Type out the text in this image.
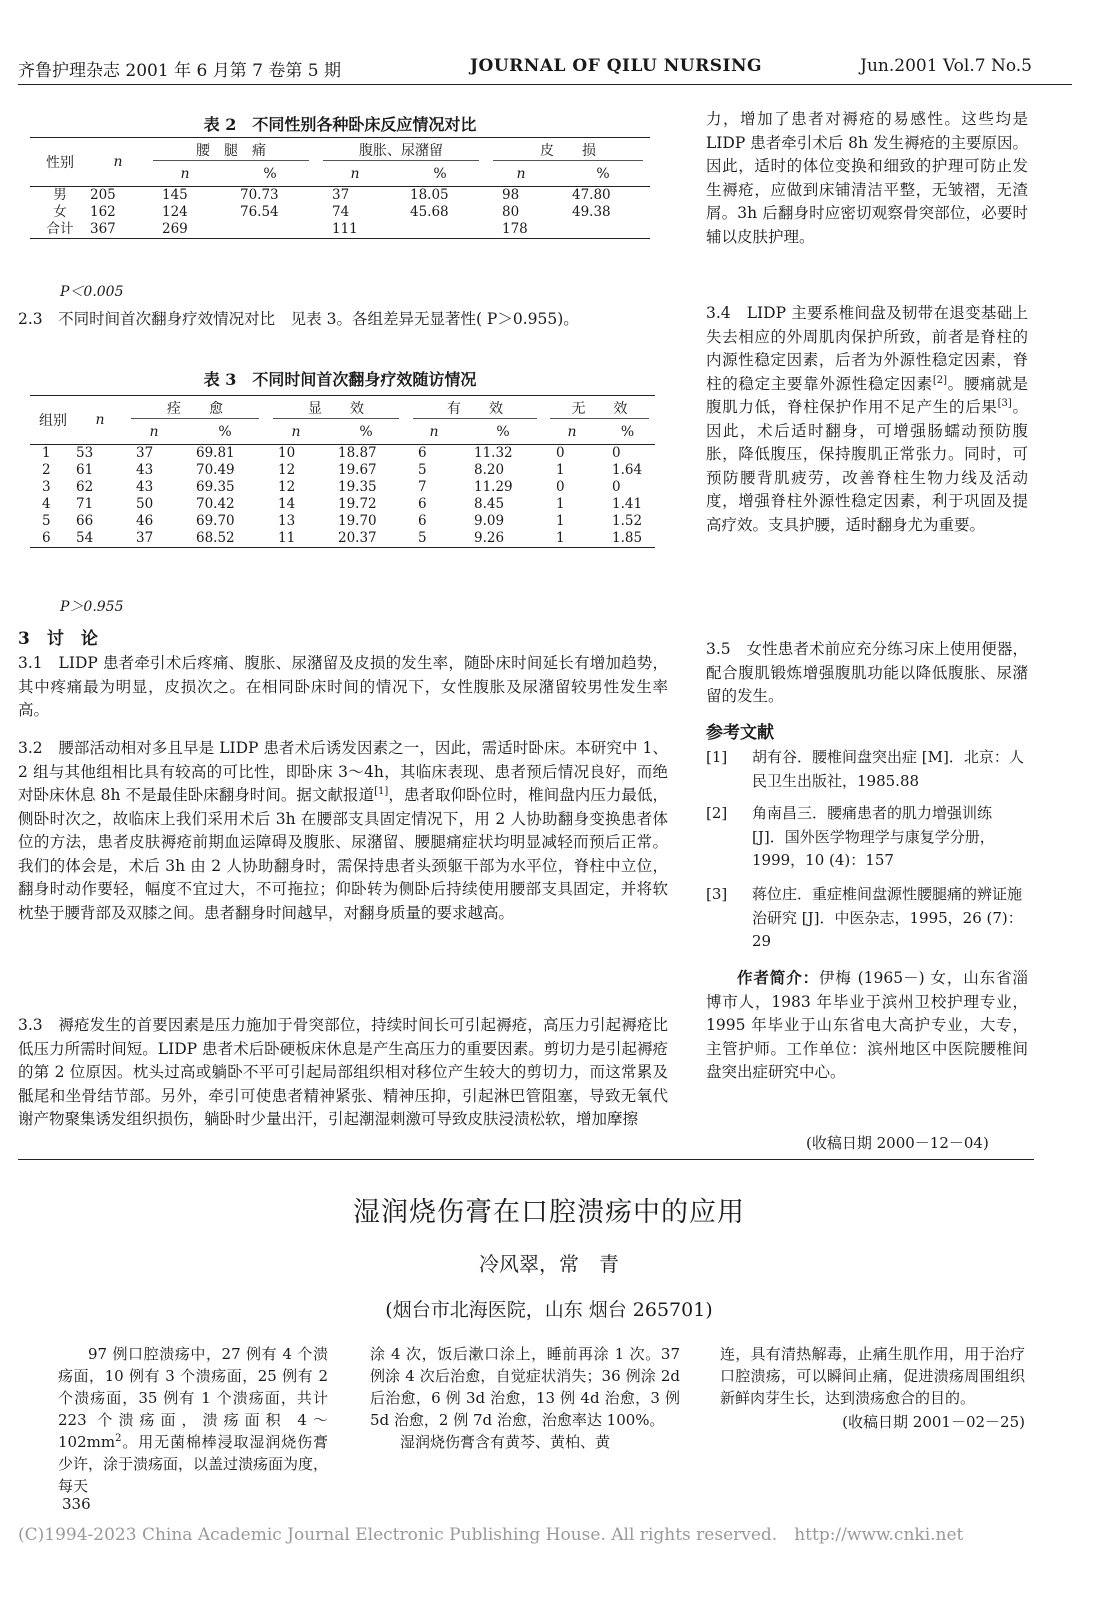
齐鲁护理杂志 2001 年 6 月第 7 卷第 5 期	JOURNAL OF QILU NURSING	Jun.2001 Vol.7 No.5
表 2　不同性别各种卧床反应情况对比
性别	n	腰　腿　痛		腹胀、尿潴留		皮　　损	
		n	%	n	%	n	%
男	205	145	70.73	37	18.05	98	47.80
女	162	124	76.54	74	45.68	80	49.38
合计	367	269		111		178	
P＜0.005
2.3　不同时间首次翻身疗效情况对比　见表 3。各组差异无显著性( P＞0.955)。
表 3　不同时间首次翻身疗效随访情况
组别	n	痊　　愈		显　　效		有　　效		无　　效	
		n	%	n	%	n	%	n	%
1	53	37	69.81	10	18.87	6	11.32	0	0
2	61	43	70.49	12	19.67	5	8.20	1	1.64
3	62	43	69.35	12	19.35	7	11.29	0	0
4	71	50	70.42	14	19.72	6	8.45	1	1.41
5	66	46	69.70	13	19.70	6	9.09	1	1.52
6	54	37	68.52	11	20.37	5	9.26	1	1.85
P＞0.955
3　讨　论
3.1　LIDP 患者牵引术后疼痛、腹胀、尿潴留及皮损的发生率，随卧床时间延长有增加趋势，其中疼痛最为明显，皮损次之。在相同卧床时间的情况下，女性腹胀及尿潴留较男性发生率高。
3.2　腰部活动相对多且早是 LIDP 患者术后诱发因素之一，因此，需适时卧床。本研究中 1、2 组与其他组相比具有较高的可比性，即卧床 3～4h，其临床表现、患者预后情况良好，而绝对卧床休息 8h 不是最佳卧床翻身时间。据文献报道[1]，患者取仰卧位时，椎间盘内压力最低，侧卧时次之，故临床上我们采用术后 3h 在腰部支具固定情况下，用 2 人协助翻身变换患者体位的方法，患者皮肤褥疮前期血运障碍及腹胀、尿潴留、腰腿痛症状均明显减轻而预后正常。我们的体会是，术后 3h 由 2 人协助翻身时，需保持患者头颈躯干部为水平位，脊柱中立位，翻身时动作要轻，幅度不宜过大，不可拖拉；仰卧转为侧卧后持续使用腰部支具固定，并将软枕垫于腰背部及双膝之间。患者翻身时间越早，对翻身质量的要求越高。
3.3　褥疮发生的首要因素是压力施加于骨突部位，持续时间长可引起褥疮，高压力引起褥疮比低压力所需时间短。LIDP 患者术后卧硬板床休息是产生高压力的重要因素。剪切力是引起褥疮的第 2 位原因。枕头过高或躺卧不平可引起局部组织相对移位产生较大的剪切力，而这常累及骶尾和坐骨结节部。另外，牵引可使患者精神紧张、精神压抑，引起淋巴管阻塞，导致无氧代谢产物聚集诱发组织损伤，躺卧时少量出汗，引起潮湿刺激可导致皮肤浸渍松软，增加摩擦
力，增加了患者对褥疮的易感性。这些均是 LIDP 患者牵引术后 8h 发生褥疮的主要原因。因此，适时的体位变换和细致的护理可防止发生褥疮，应做到床铺清洁平整，无皱褶，无渣屑。3h 后翻身时应密切观察骨突部位，必要时辅以皮肤护理。
3.4　LIDP 主要系椎间盘及韧带在退变基础上失去相应的外周肌肉保护所致，前者是脊柱的内源性稳定因素，后者为外源性稳定因素，脊柱的稳定主要靠外源性稳定因素[2]。腰痛就是腹肌力低，脊柱保护作用不足产生的后果[3]。因此，术后适时翻身，可增强肠蠕动预防腹胀，降低腹压，保持腹肌正常张力。同时，可预防腰背肌疲劳，改善脊柱生物力线及活动度，增强脊柱外源性稳定因素，利于巩固及提高疗效。支具护腰，适时翻身尤为重要。
3.5　女性患者术前应充分练习床上使用便器，配合腹肌锻炼增强腹肌功能以降低腹胀、尿潴留的发生。
参考文献
[1] 胡有谷．腰椎间盘突出症 [M]．北京：人民卫生出版社，1985.88
[2] 角南昌三．腰痛患者的肌力增强训练 [J]．国外医学物理学与康复学分册，1999，10 (4)：157
[3] 蒋位庄．重症椎间盘源性腰腿痛的辨证施治研究 [J]．中医杂志，1995，26 (7)：29
作者简介：伊梅 (1965－) 女，山东省淄博市人，1983 年毕业于滨州卫校护理专业，1995 年毕业于山东省电大高护专业，大专，主管护师。工作单位：滨州地区中医院腰椎间盘突出症研究中心。
(收稿日期 2000－12－04)
湿润烧伤膏在口腔溃疡中的应用
冷风翠，常　青
(烟台市北海医院，山东 烟台 265701)
97 例口腔溃疡中，27 例有 4 个溃疡面，10 例有 3 个溃疡面，25 例有 2 个溃疡面，35 例有 1 个溃疡面，共计 223 个溃疡面，溃疡面积 $4\sim 102mm^2$。用无菌棉棒浸取湿润烧伤膏少许，涂于溃疡面，以盖过溃疡面为度，每天
涂 4 次，饭后漱口涂上，睡前再涂 1 次。37 例涂 4 次后治愈，自觉症状消失；36 例涂 2d 后治愈，6 例 3d 治愈，13 例 4d 治愈，3 例 5d 治愈，2 例 7d 治愈，治愈率达 100%。
湿润烧伤膏含有黄芩、黄柏、黄
连，具有清热解毒，止痛生肌作用，用于治疗口腔溃疡，可以瞬间止痛，促进溃疡周围组织新鲜肉芽生长，达到溃疡愈合的目的。
(收稿日期 2001－02－25)
336
(C)1994-2023 China Academic Journal Electronic Publishing House. All rights reserved.　http://www.cnki.net
